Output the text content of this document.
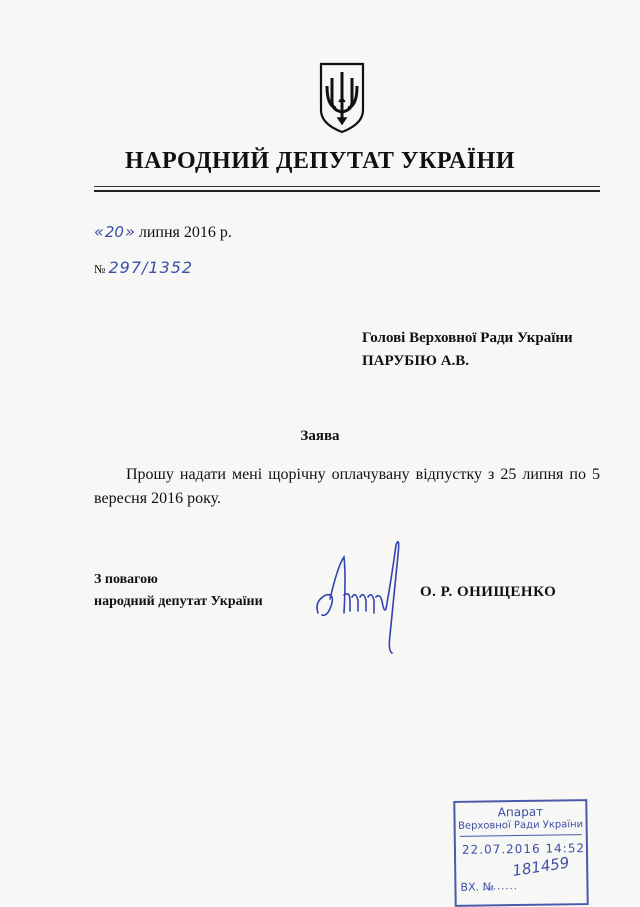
НАРОДНИЙ ДЕПУТАТ УКРАЇНИ
«20» липня 2016 р.
№ 297/1352
Голові Верховної Ради України
ПАРУБІЮ А.В.
Заява
Прошу надати мені щорічну оплачувану відпустку з 25 липня по 5 вересня 2016 року.
З повагою
народний депутат України
О. Р. ОНИЩЕНКО
Апарат
Верховної Ради України
22.07.2016 14:52
ВХ. №
........
181459
